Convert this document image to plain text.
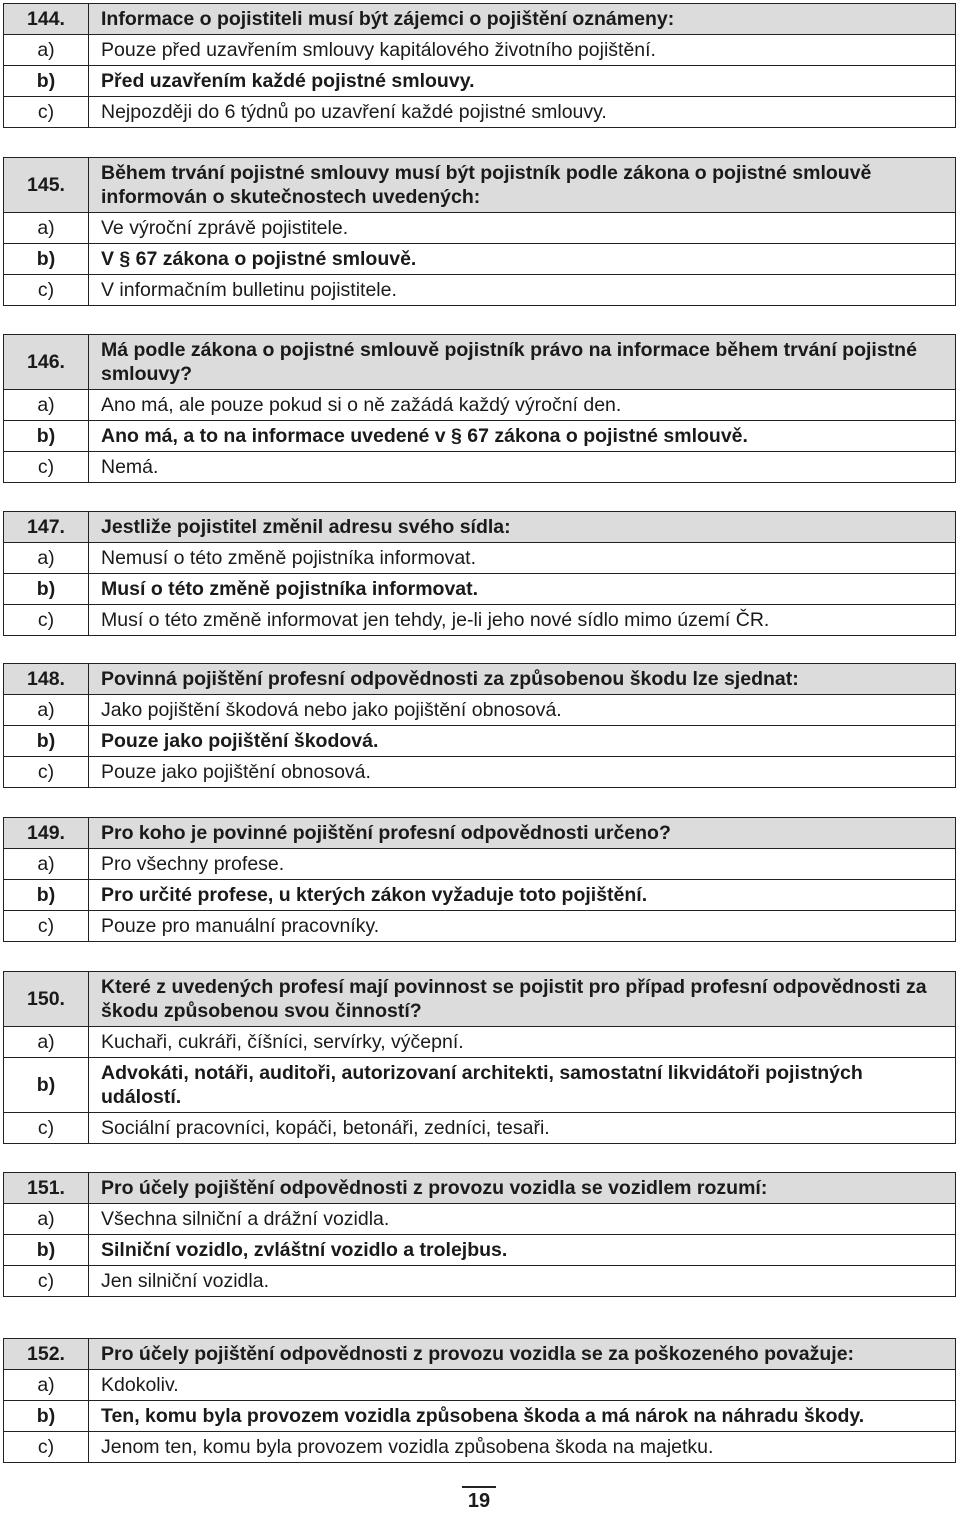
144.	Informace o pojistiteli musí být zájemci o pojištění oznámeny:
a)	Pouze před uzavřením smlouvy kapitálového životního pojištění.
b)	Před uzavřením každé pojistné smlouvy.
c)	Nejpozději do 6 týdnů po uzavření každé pojistné smlouvy.
145.	Během trvání pojistné smlouvy musí být pojistník podle zákona o pojistné smlouvě informován o skutečnostech uvedených:
a)	Ve výroční zprávě pojistitele.
b)	V § 67 zákona o pojistné smlouvě.
c)	V informačním bulletinu pojistitele.
146.	Má podle zákona o pojistné smlouvě pojistník právo na informace během trvání pojistné smlouvy?
a)	Ano má, ale pouze pokud si o ně zažádá každý výroční den.
b)	Ano má, a to na informace uvedené v § 67 zákona o pojistné smlouvě.
c)	Nemá.
147.	Jestliže pojistitel změnil adresu svého sídla:
a)	Nemusí o této změně pojistníka informovat.
b)	Musí o této změně pojistníka informovat.
c)	Musí o této změně informovat jen tehdy, je-li jeho nové sídlo mimo území ČR.
148.	Povinná pojištění profesní odpovědnosti za způsobenou škodu lze sjednat:
a)	Jako pojištění škodová nebo jako pojištění obnosová.
b)	Pouze jako pojištění škodová.
c)	Pouze jako pojištění obnosová.
149.	Pro koho je povinné pojištění profesní odpovědnosti určeno?
a)	Pro všechny profese.
b)	Pro určité profese, u kterých zákon vyžaduje toto pojištění.
c)	Pouze pro manuální pracovníky.
150.	Které z uvedených profesí mají povinnost se pojistit pro případ profesní odpovědnosti za škodu způsobenou svou činností?
a)	Kuchaři, cukráři, číšníci, servírky, výčepní.
b)	Advokáti, notáři, auditoři, autorizovaní architekti, samostatní likvidátoři pojistných událostí.
c)	Sociální pracovníci, kopáči, betonáři, zedníci, tesaři.
151.	Pro účely pojištění odpovědnosti z provozu vozidla se vozidlem rozumí:
a)	Všechna silniční a drážní vozidla.
b)	Silniční vozidlo, zvláštní vozidlo a trolejbus.
c)	Jen silniční vozidla.
152.	Pro účely pojištění odpovědnosti z provozu vozidla se za poškozeného považuje:
a)	Kdokoliv.
b)	Ten, komu byla provozem vozidla způsobena škoda a má nárok na náhradu škody.
c)	Jenom ten, komu byla provozem vozidla způsobena škoda na majetku.
19
